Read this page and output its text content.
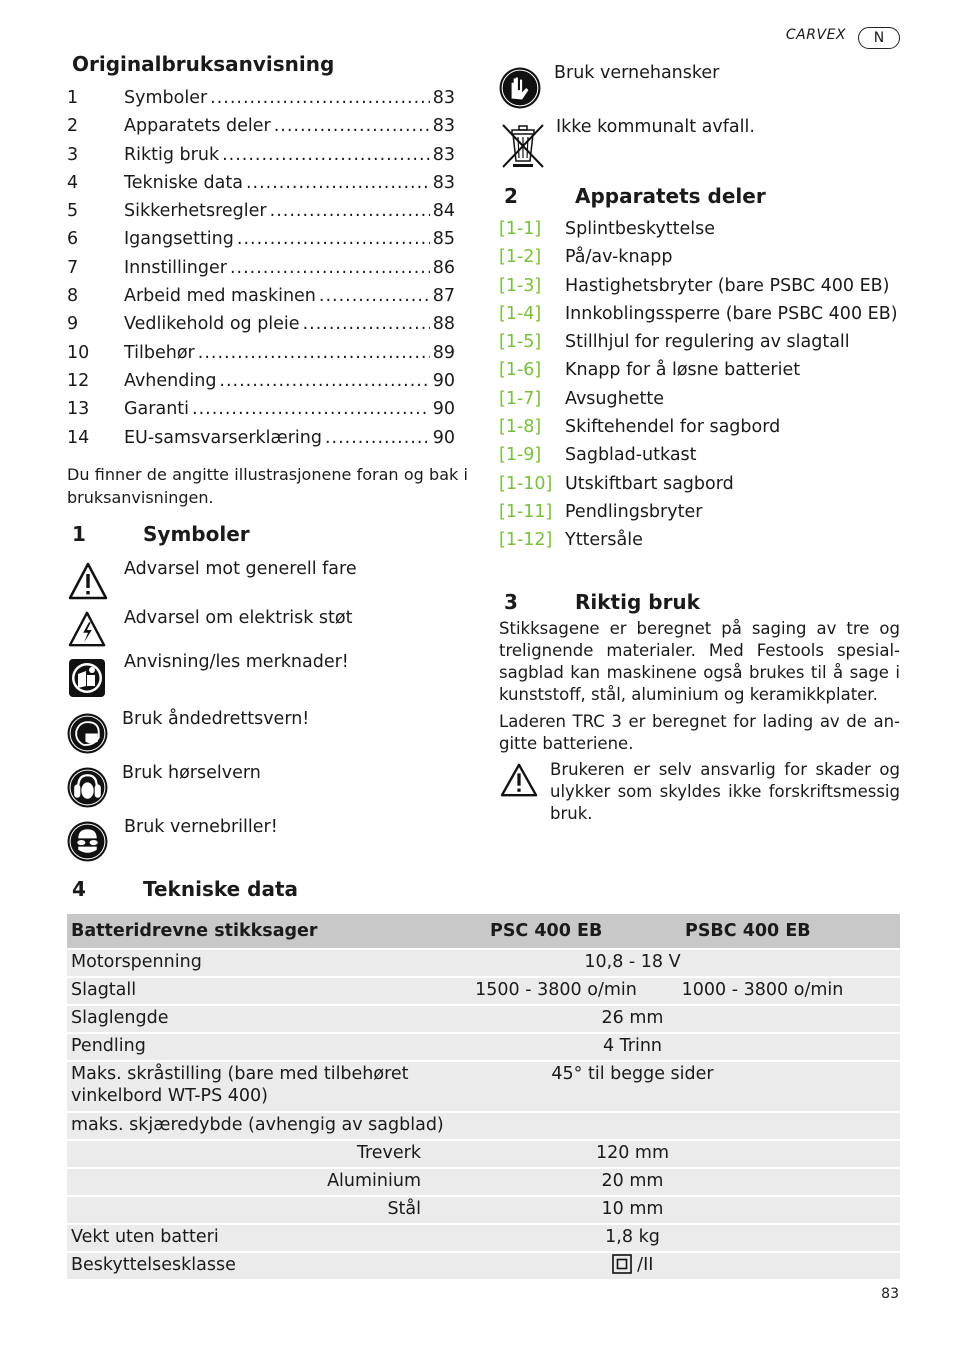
CARVEX	N
Originalbruksanvisning
1	Symboler .....	83
2	Apparatets deler .....	83
3	Riktig bruk .....	83
4	Tekniske data .....	83
5	Sikkerhetsregler .....	84
6	Igangsetting .....	85
7	Innstillinger .....	86
8	Arbeid med maskinen .....	87
9	Vedlikehold og pleie .....	88
10	Tilbehør .....	89
12	Avhending .....	90
13	Garanti .....	90
14	EU-samsvarserklæring .....	90
Du finner de angitte illustrasjonene foran og bak i bruksanvisningen.
1	Symboler
Advarsel mot generell fare
Advarsel om elektrisk støt
Anvisning/les merknader!
Bruk åndedrettsvern!
Bruk hørselvern
Bruk vernebriller!
Bruk vernehansker
Ikke kommunalt avfall.
2	Apparatets deler
[1-1]	Splintbeskyttelse
[1-2]	På/av-knapp
[1-3]	Hastighetsbryter (bare PSBC 400 EB)
[1-4]	Innkoblingssperre (bare PSBC 400 EB)
[1-5]	Stillhjul for regulering av slagtall
[1-6]	Knapp for å løsne batteriet
[1-7]	Avsughette
[1-8]	Skiftehendel for sagbord
[1-9]	Sagblad-utkast
[1-10] Utskiftbart sagbord
[1-11] Pendlingsbryter
[1-12] Yttersåle
3	Riktig bruk
Stikksagene er beregnet på saging av tre og trelignende materialer. Med Festools spesial-sagblad kan maskinene også brukes til å sage i kunststoff, stål, aluminium og keramikkplater.
Laderen TRC 3 er beregnet for lading av de an-gitte batteriene.
Brukeren er selv ansvarlig for skader og ulykker som skyldes ikke forskriftsmessig bruk.
4	Tekniske data
Batteridrevne stikksager	PSC 400 EB	PSBC 400 EB
Motorspenning	10,8 - 18 V	
Slagtall	1500 - 3800 o/min	1000 - 3800 o/min
Slaglengde	26 mm	
Pendling	4 Trinn	
Maks. skråstilling (bare med tilbehøret vinkelbord WT-PS 400)	45° til begge sider	
maks. skjæredybde (avhengig av sagblad)		
Treverk	120 mm	
Aluminium	20 mm	
Stål	10 mm	
Vekt uten batteri	1,8 kg	
Beskyttelsesklasse	/II	
83
